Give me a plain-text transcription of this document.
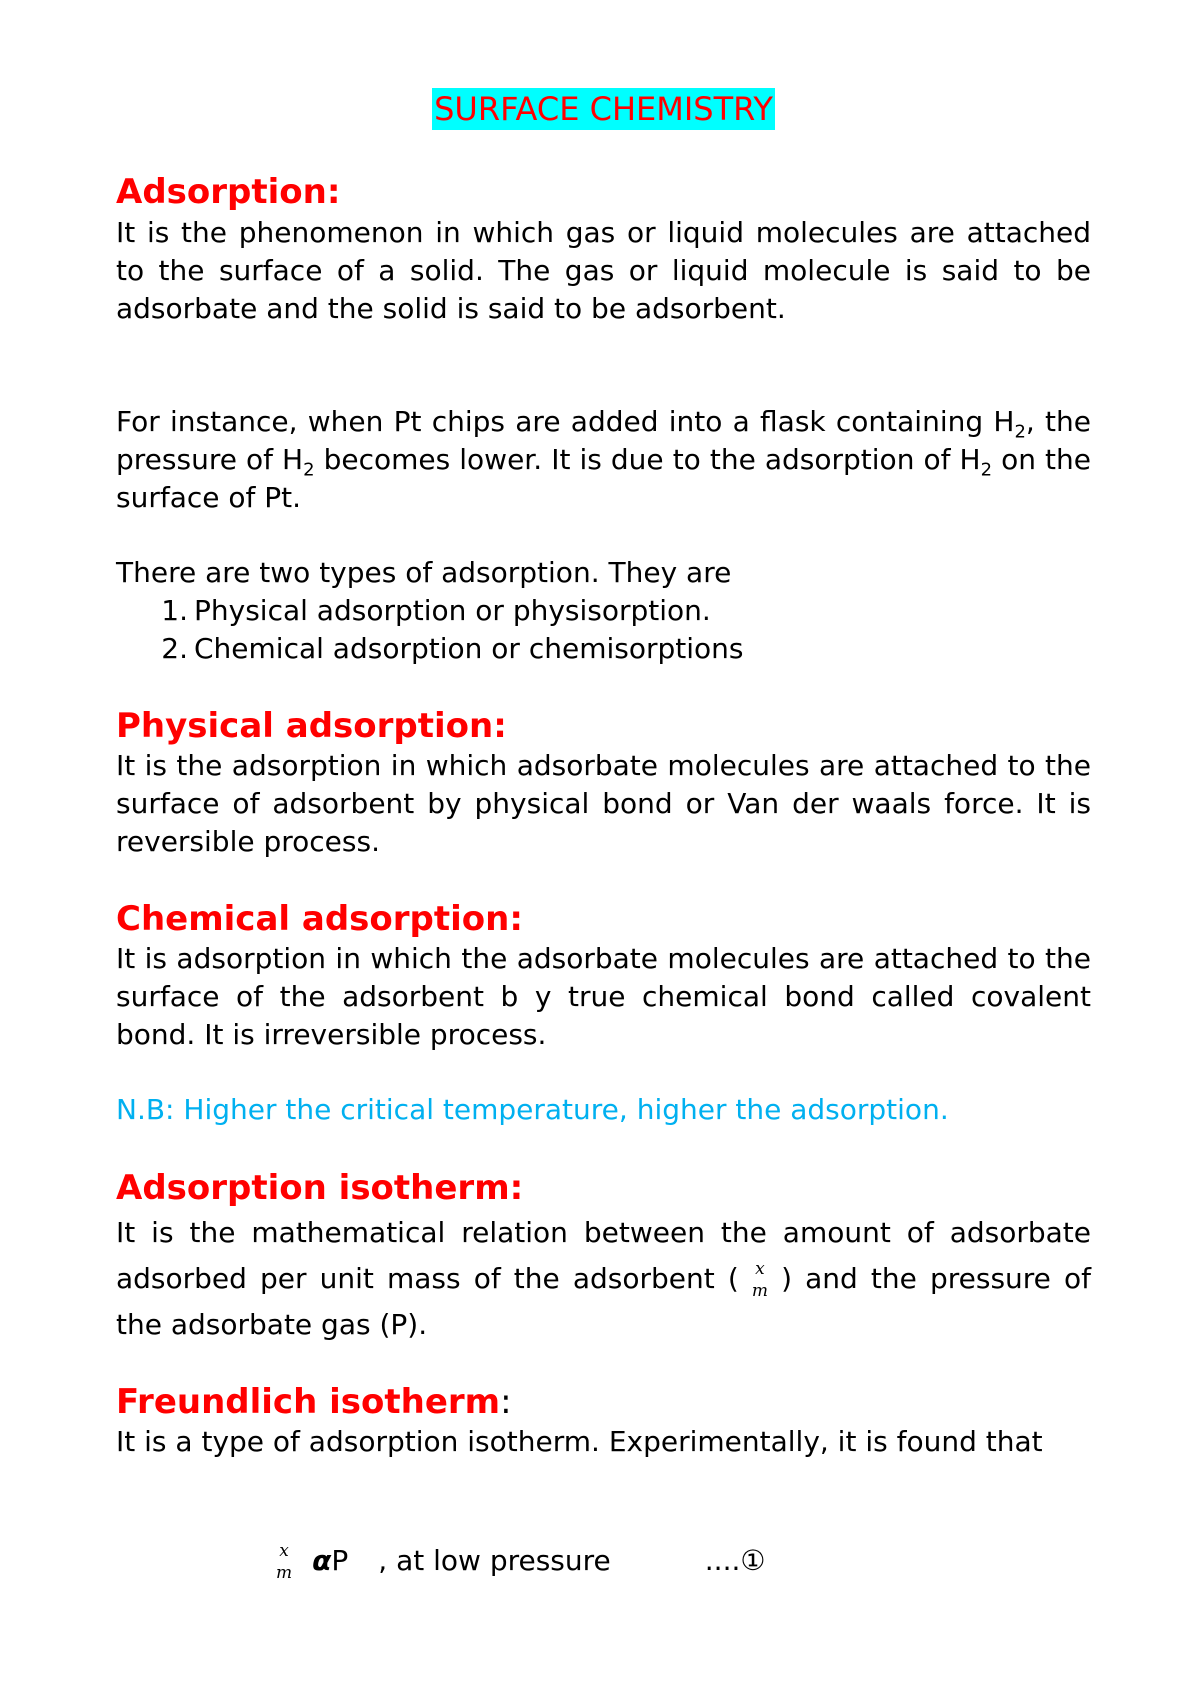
SURFACE CHEMISTRY
Adsorption:

It is the phenomenon in which gas or liquid molecules are attached to the surface of a solid. The gas or liquid molecule is said to be adsorbate and the solid is said to be adsorbent.

For instance, when Pt chips are added into a flask containing $H_2$, the pressure of $H_2$ becomes lower. It is due to the adsorption of $H_2$ on the surface of Pt.

There are two types of adsorption. They are

1. Physical adsorption or physisorption.
2. Chemical adsorption or chemisorptions
Physical adsorption:

It is the adsorption in which adsorbate molecules are attached to the surface of adsorbent by physical bond or Van der waals force. It is reversible process.

Chemical adsorption:

It is adsorption in which the adsorbate molecules are attached to the surface of the adsorbent b y true chemical bond called covalent bond. It is irreversible process.

N.B: Higher the critical temperature, higher the adsorption.

Adsorption isotherm:

It is the mathematical relation between the amount of adsorbate adsorbed per unit mass of the adsorbent ( x
m ) and the pressure of the adsorbate gas (P).

Freundlich isotherm:

It is a type of adsorption isotherm. Experimentally, it is found that

x
m αP , at low pressure	....①
